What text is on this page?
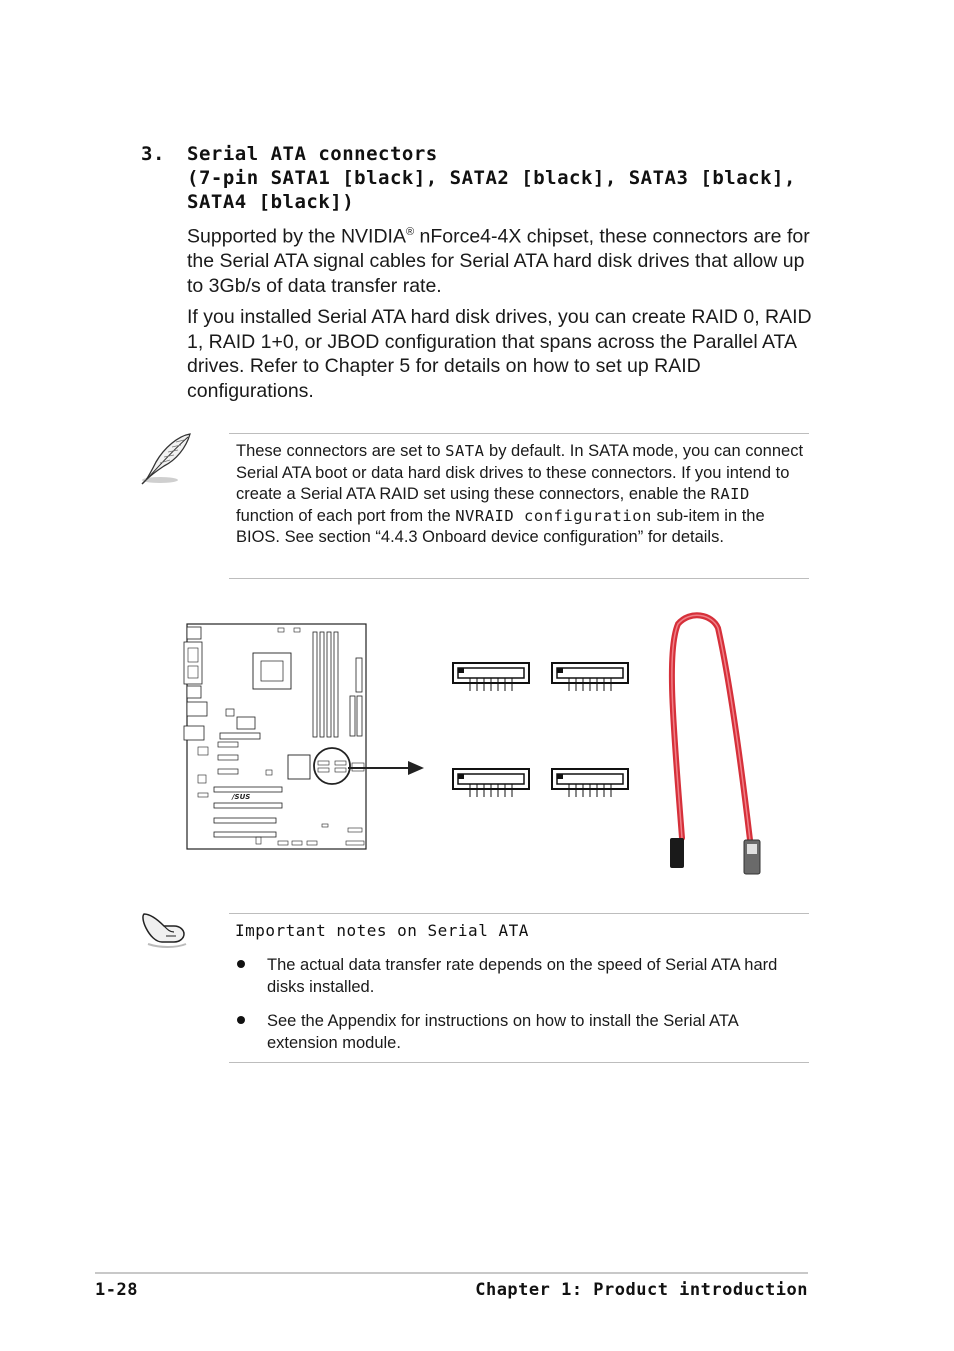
3. Serial ATA connectors
(7-pin SATA1 [black], SATA2 [black], SATA3 [black],
SATA4 [black])
Supported by the NVIDIA® nForce4-4X chipset, these connectors are for the Serial ATA signal cables for Serial ATA hard disk drives that allow up to 3Gb/s of data transfer rate.
If you installed Serial ATA hard disk drives, you can create RAID 0, RAID 1, RAID 1+0, or JBOD configuration that spans across the Parallel ATA drives. Refer to Chapter 5 for details on how to set up RAID configurations.
These connectors are set to SATA by default. In SATA mode, you can connect Serial ATA boot or data hard disk drives to these connectors. If you intend to create a Serial ATA RAID set using these connectors, enable the RAID function of each port from the NVRAID configuration sub-item in the BIOS. See section “4.4.3 Onboard device configuration” for details.
/SUS
Important notes on Serial ATA
The actual data transfer rate depends on the speed of Serial ATA hard disks installed.
See the Appendix for instructions on how to install the Serial ATA extension module.
1-28	Chapter 1: Product introduction
